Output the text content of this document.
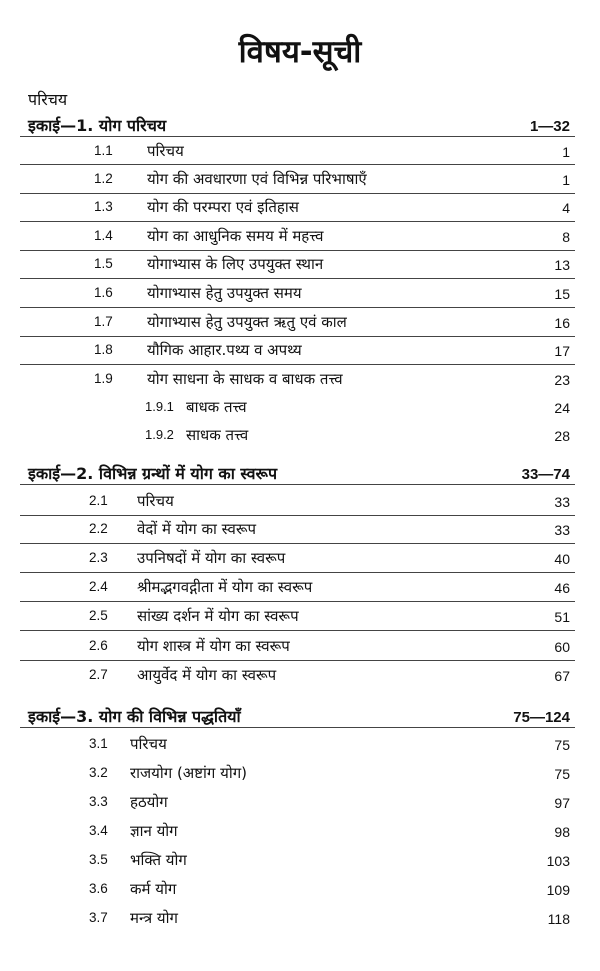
विषय-सूची
परिचय
इकाई—1. योग परिचय	1—32
1.1 परिचय	1
1.2 योग की अवधारणा एवं विभिन्न परिभाषाएँ	1
1.3 योग की परम्परा एवं इतिहास	4
1.4 योग का आधुनिक समय में महत्त्व	8
1.5 योगाभ्यास के लिए उपयुक्त स्थान	13
1.6 योगाभ्यास हेतु उपयुक्त समय	15
1.7 योगाभ्यास हेतु उपयुक्त ऋतु एवं काल	16
1.8 यौगिक आहार.पथ्य व अपथ्य	17
1.9 योग साधना के साधक व बाधक तत्त्व	23
1.9.1 बाधक तत्त्व	24
1.9.2 साधक तत्त्व	28
इकाई—2. विभिन्न ग्रन्थों में योग का स्वरूप	33—74
2.1 परिचय	33
2.2 वेदों में योग का स्वरूप	33
2.3 उपनिषदों में योग का स्वरूप	40
2.4 श्रीमद्भगवद्गीता में योग का स्वरूप	46
2.5 सांख्य दर्शन में योग का स्वरूप	51
2.6 योग शास्त्र में योग का स्वरूप	60
2.7 आयुर्वेद में योग का स्वरूप	67
इकाई—3. योग की विभिन्न पद्धतियाँ	75—124
3.1 परिचय	75
3.2 राजयोग (अष्टांग योग)	75
3.3 हठयोग	97
3.4 ज्ञान योग	98
3.5 भक्ति योग	103
3.6 कर्म योग	109
3.7 मन्त्र योग	118
